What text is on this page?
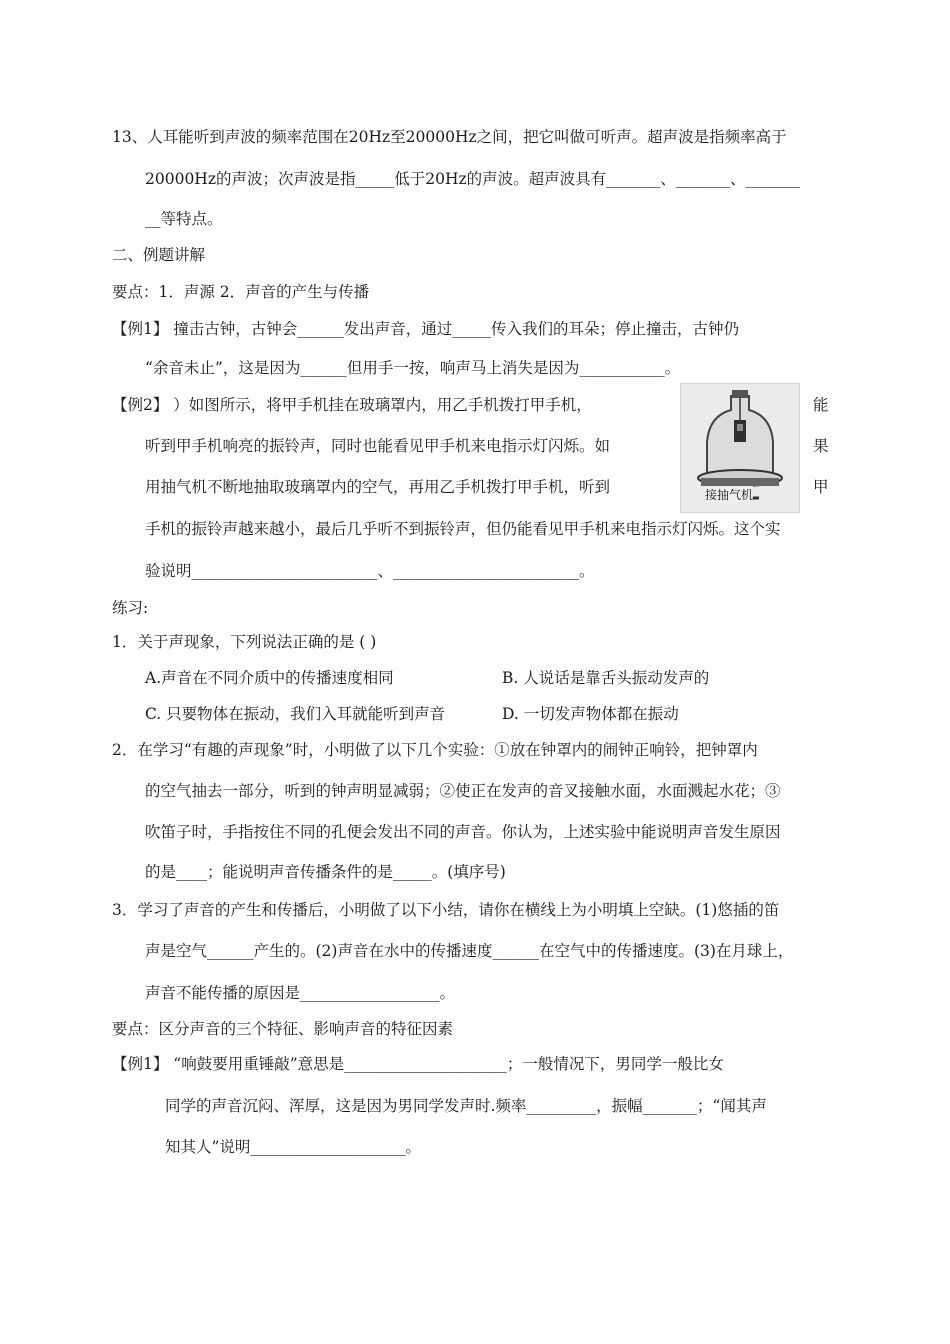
13、人耳能听到声波的频率范围在20Hz至20000Hz之间，把它叫做可听声。超声波是指频率高于
20000Hz的声波；次声波是指_____低于20Hz的声波。超声波具有_______、_______、_______
__等特点。
二、例题讲解
要点：1．声源 2．声音的产生与传播
【例1】 撞击古钟，古钟会______发出声音，通过_____传入我们的耳朵；停止撞击，古钟仍
“余音未止”，这是因为______但用手一按，响声马上消失是因为___________。
【例2】 ）如图所示，将甲手机挂在玻璃罩内，用乙手机拨打甲手机，	能
听到甲手机响亮的振铃声，同时也能看见甲手机来电指示灯闪烁。如	果
用抽气机不断地抽取玻璃罩内的空气，再用乙手机拨打甲手机，听到	甲
手机的振铃声越来越小，最后几乎听不到振铃声，但仍能看见甲手机来电指示灯闪烁。这个实
验说明________________________、________________________。
接抽气机
练习:
1．关于声现象，下列说法正确的是 ( )
A.声音在不同介质中的传播速度相同	B. 人说话是靠舌头振动发声的
C. 只要物体在振动，我们入耳就能听到声音	D. 一切发声物体都在振动
2．在学习“有趣的声现象”时，小明做了以下几个实验：①放在钟罩内的闹钟正响铃，把钟罩内
的空气抽去一部分，听到的钟声明显减弱；②使正在发声的音叉接触水面，水面溅起水花；③
吹笛子时，手指按住不同的孔便会发出不同的声音。你认为，上述实验中能说明声音发生原因
的是____；能说明声音传播条件的是_____。(填序号)
3．学习了声音的产生和传播后，小明做了以下小结，请你在横线上为小明填上空缺。(1)悠插的笛
声是空气______产生的。(2)声音在水中的传播速度______在空气中的传播速度。(3)在月球上，
声音不能传播的原因是__________________。
要点：区分声音的三个特征、影响声音的特征因素
【例1】 “响鼓要用重锤敲”意思是_____________________；一般情况下，男同学一般比女
同学的声音沉闷、浑厚，这是因为男同学发声时.频率_________，振幅_______；“闻其声
知其人”说明____________________。
